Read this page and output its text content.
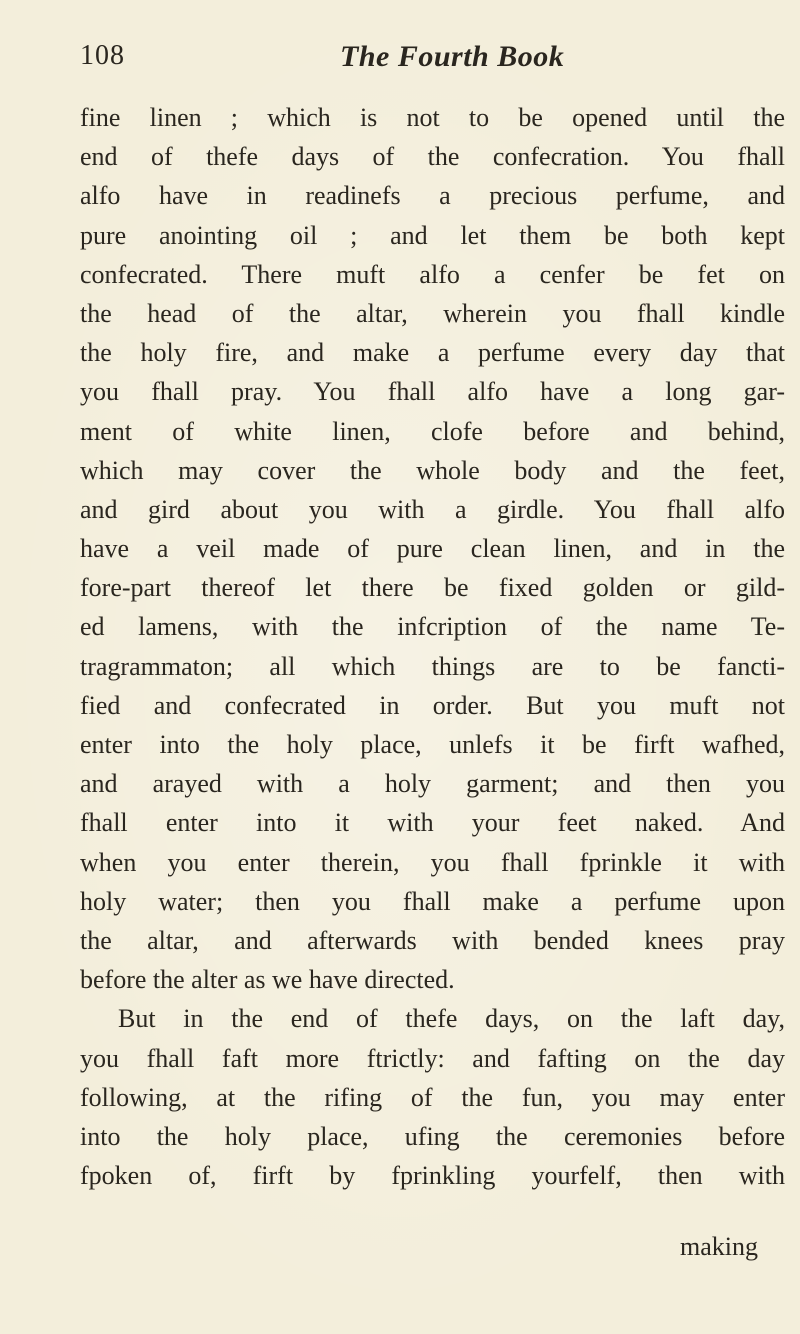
108	The Fourth Book
fine linen ; which is not to be opened until the
end of thefe days of the confecration. You fhall
alfo have in readinefs a precious perfume, and
pure anointing oil ; and let them be both kept
confecrated. There muft alfo a cenfer be fet on
the head of the altar, wherein you fhall kindle
the holy fire, and make a perfume every day that
you fhall pray. You fhall alfo have a long gar-
ment of white linen, clofe before and behind,
which may cover the whole body and the feet,
and gird about you with a girdle. You fhall alfo
have a veil made of pure clean linen, and in the
fore-part thereof let there be fixed golden or gild-
ed lamens, with the infcription of the name Te-
tragrammaton; all which things are to be fancti-
fied and confecrated in order. But you muft not
enter into the holy place, unlefs it be firft wafhed,
and arayed with a holy garment; and then you
fhall enter into it with your feet naked. And
when you enter therein, you fhall fprinkle it with
holy water; then you fhall make a perfume upon
the altar, and afterwards with bended knees pray
before the alter as we have directed.
But in the end of thefe days, on the laft day,
you fhall faft more ftrictly: and fafting on the day
following, at the rifing of the fun, you may enter
into the holy place, ufing the ceremonies before
fpoken of, firft by fprinkling yourfelf, then with
making
